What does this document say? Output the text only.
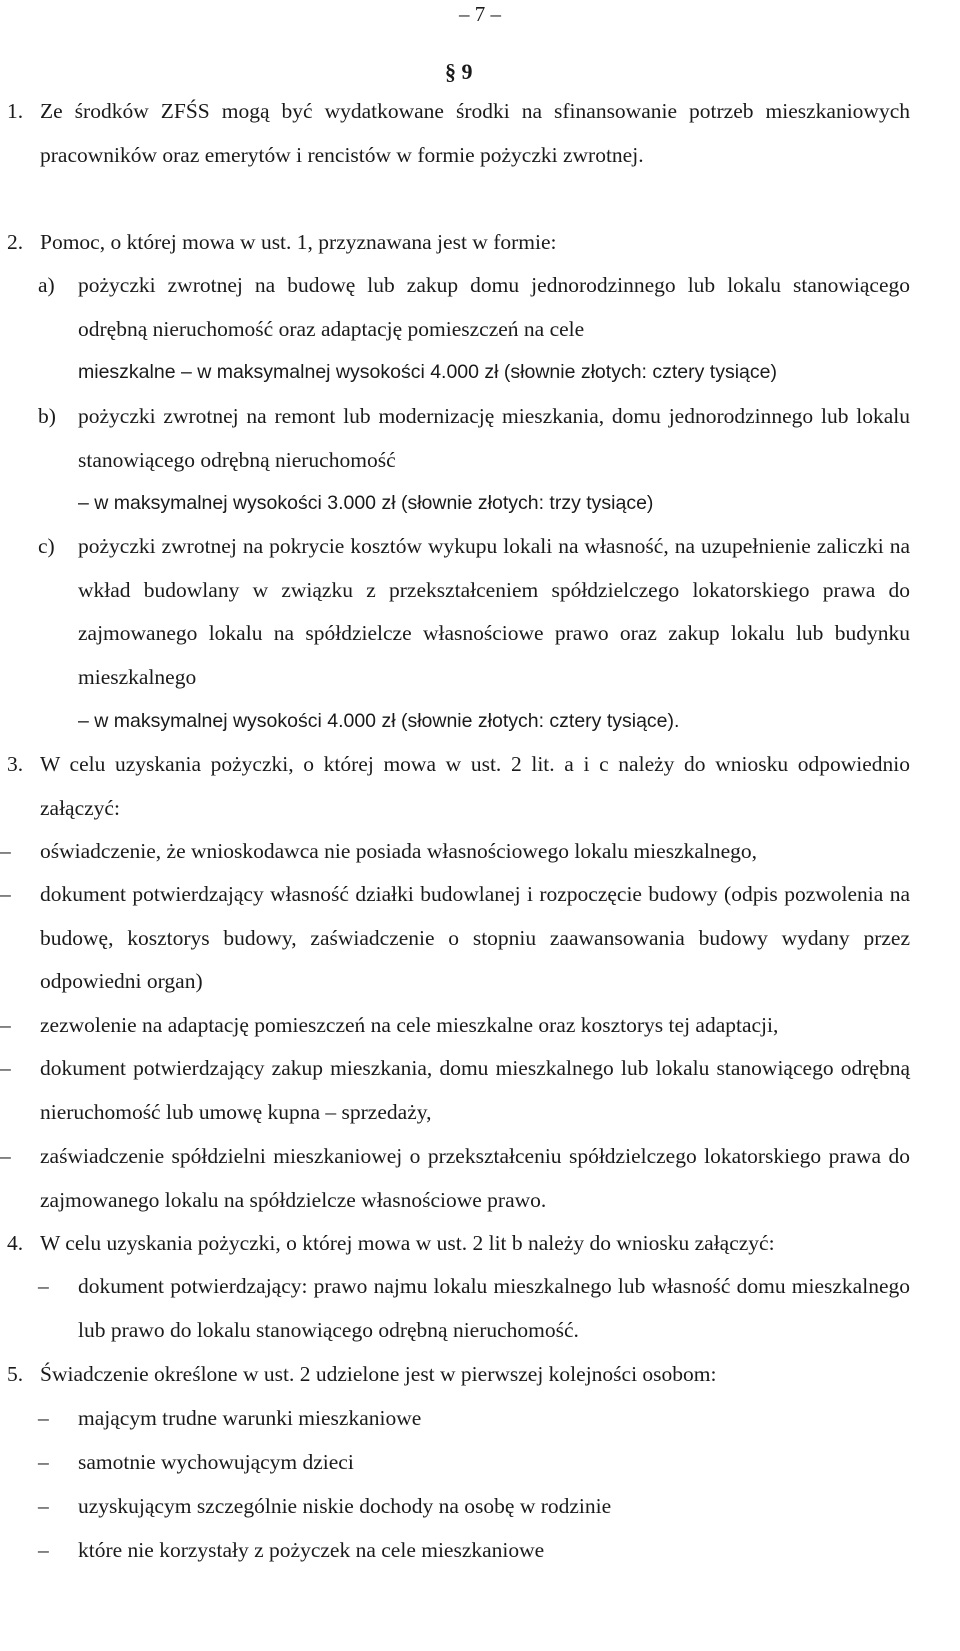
– 7 –
§ 9
1. Ze środków ZFŚS mogą być wydatkowane środki na sfinansowanie potrzeb mieszkaniowych pracowników oraz emerytów i rencistów w formie pożyczki zwrotnej.
2. Pomoc, o której mowa w ust. 1, przyznawana jest w formie:
a) pożyczki zwrotnej na budowę lub zakup domu jednorodzinnego lub lokalu stanowiącego odrębną nieruchomość oraz adaptację pomieszczeń na cele
mieszkalne – w maksymalnej wysokości 4.000 zł (słownie złotych: cztery tysiące)
b) pożyczki zwrotnej na remont lub modernizację mieszkania, domu jednorodzinnego lub lokalu stanowiącego odrębną nieruchomość
– w maksymalnej wysokości 3.000 zł (słownie złotych: trzy tysiące)
c) pożyczki zwrotnej na pokrycie kosztów wykupu lokali na własność, na uzupełnienie zaliczki na wkład budowlany w związku z przekształceniem spółdzielczego lokatorskiego prawa do zajmowanego lokalu na spółdzielcze własnościowe prawo oraz zakup lokalu lub budynku mieszkalnego
– w maksymalnej wysokości 4.000 zł (słownie złotych: cztery tysiące).
3. W celu uzyskania pożyczki, o której mowa w ust. 2 lit. a i c należy do wniosku odpowiednio załączyć:
– oświadczenie, że wnioskodawca nie posiada własnościowego lokalu mieszkalnego,
– dokument potwierdzający własność działki budowlanej i rozpoczęcie budowy (odpis pozwolenia na budowę, kosztorys budowy, zaświadczenie o stopniu zaawansowania budowy wydany przez odpowiedni organ)
– zezwolenie na adaptację pomieszczeń na cele mieszkalne oraz kosztorys tej adaptacji,
– dokument potwierdzający zakup mieszkania, domu mieszkalnego lub lokalu stanowiącego odrębną nieruchomość lub umowę kupna – sprzedaży,
– zaświadczenie spółdzielni mieszkaniowej o przekształceniu spółdzielczego lokatorskiego prawa do zajmowanego lokalu na spółdzielcze własnościowe prawo.
4. W celu uzyskania pożyczki, o której mowa w ust. 2 lit b należy do wniosku załączyć:
– dokument potwierdzający: prawo najmu lokalu mieszkalnego lub własność domu mieszkalnego lub prawo do lokalu stanowiącego odrębną nieruchomość.
5. Świadczenie określone w ust. 2 udzielone jest w pierwszej kolejności osobom:
– mającym trudne warunki mieszkaniowe
– samotnie wychowującym dzieci
– uzyskującym szczególnie niskie dochody na osobę w rodzinie
– które nie korzystały z pożyczek na cele mieszkaniowe
